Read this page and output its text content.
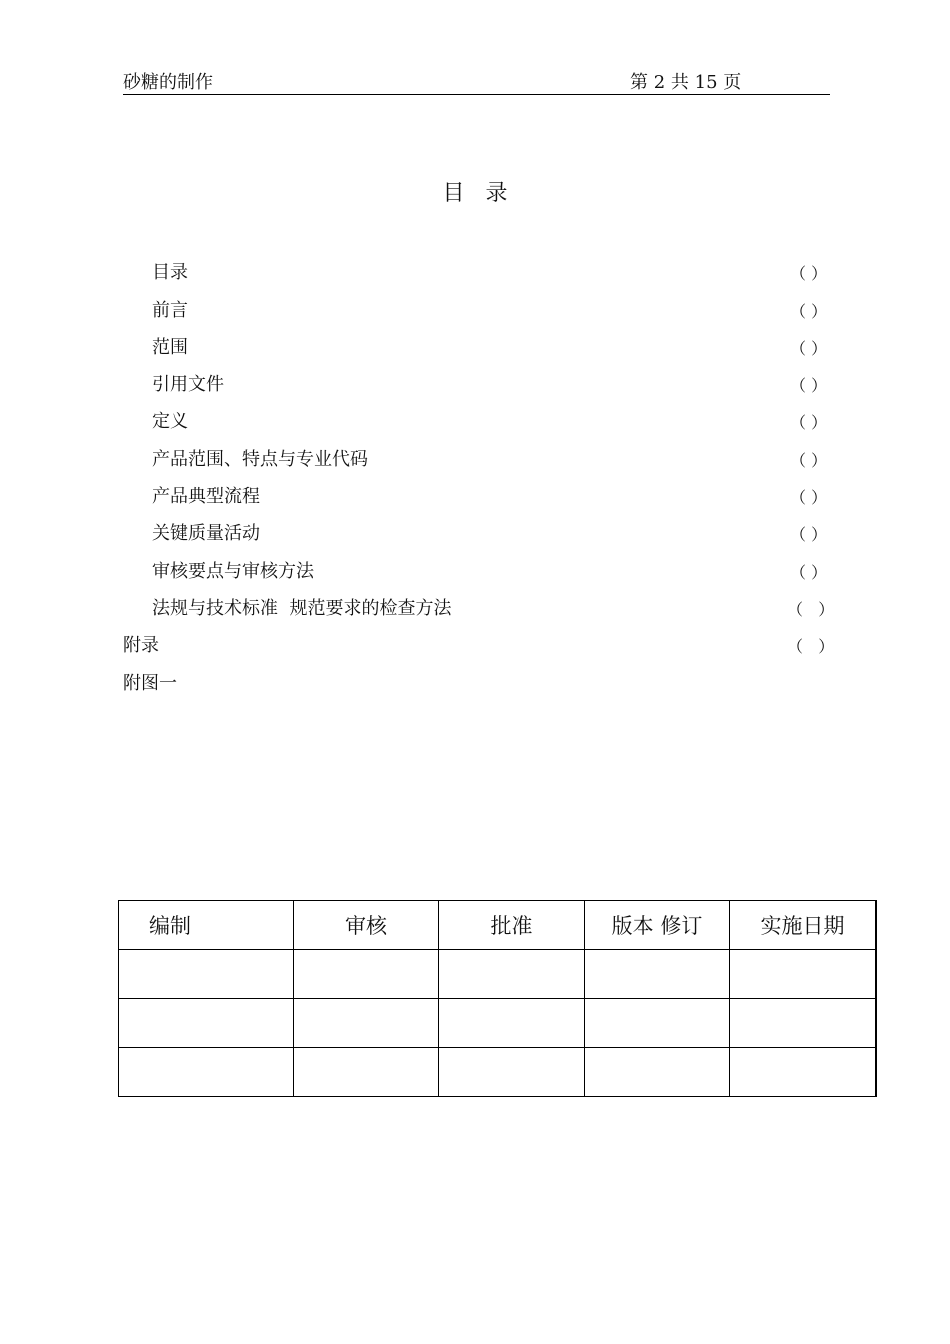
砂糖的制作	第 2 共 15 页
目   录
目录	（ ）
前言	（ ）
范围	（ ）
引用文件	（ ）
定义	（ ）
产品范围、特点与专业代码	（ ）
产品典型流程	（ ）
关键质量活动	（ ）
审核要点与审核方法	（ ）
法规与技术标准  规范要求的检查方法	（   ）
附录	（   ）
附图一
编制	审核	批准	版本 修订	实施日期
